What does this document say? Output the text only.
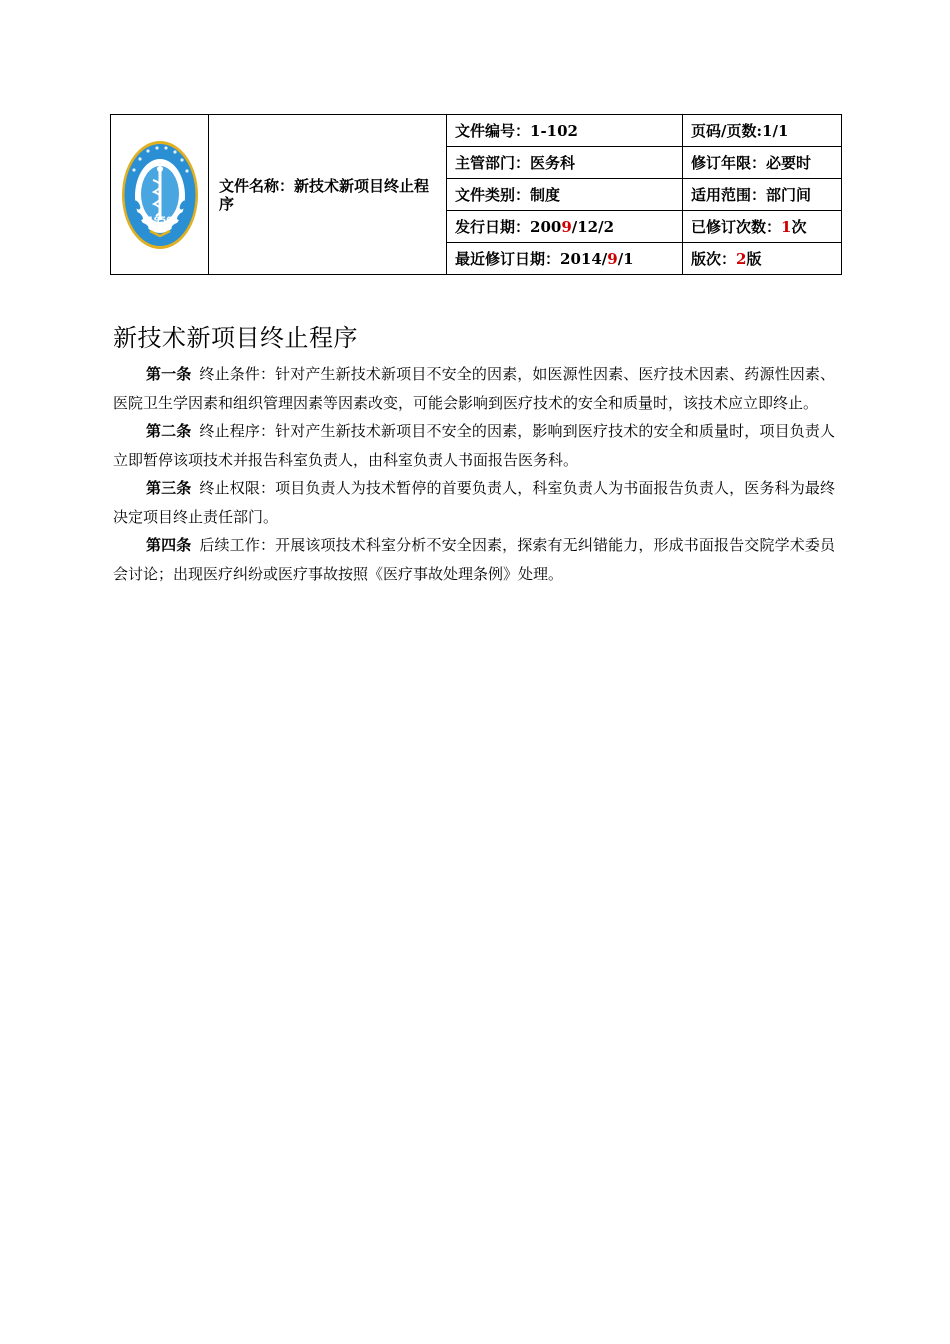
1950	文件名称：新技术新项目终止程序	文件编号：1-102	页码/页数:1/1
		主管部门：医务科	修订年限：必要时
		文件类别：制度	适用范围：部门间
		发行日期：2009/12/2	已修订次数：1次
		最近修订日期：2014/9/1	版次：2版
新技术新项目终止程序

第一条 终止条件：针对产生新技术新项目不安全的因素，如医源性因素、医疗技术因素、药源性因素、医院卫生学因素和组织管理因素等因素改变，可能会影响到医疗技术的安全和质量时，该技术应立即终止。

第二条 终止程序：针对产生新技术新项目不安全的因素，影响到医疗技术的安全和质量时，项目负责人立即暂停该项技术并报告科室负责人，由科室负责人书面报告医务科。

第三条 终止权限：项目负责人为技术暂停的首要负责人，科室负责人为书面报告负责人，医务科为最终决定项目终止责任部门。

第四条 后续工作：开展该项技术科室分析不安全因素，探索有无纠错能力，形成书面报告交院学术委员会讨论；出现医疗纠纷或医疗事故按照《医疗事故处理条例》处理。
